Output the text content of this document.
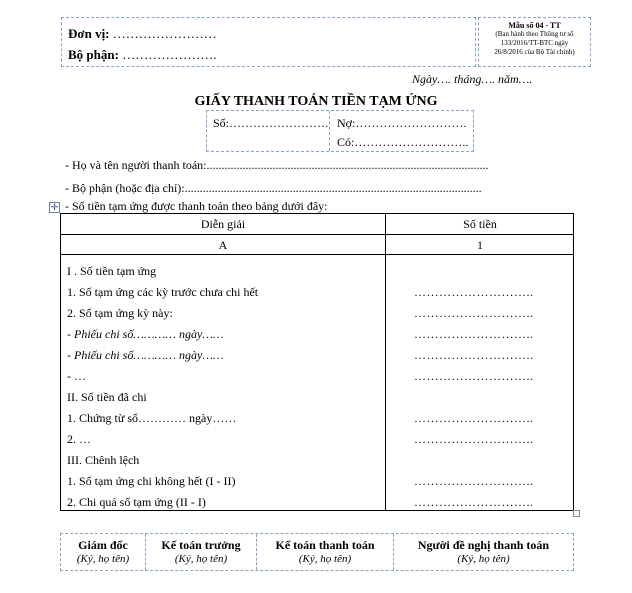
Đơn vị: ……………………
Bộ phận: ………………….
Mẫu số 04 - TT
(Ban hành theo Thông tư số
133/2016/TT-BTC ngày
26/8/2016 của Bộ Tài chính)
Ngày…. tháng…. năm….
GIẤY THANH TOÁN TIỀN TẠM ỨNG
Số:……………………. Nợ:……………………….
Có:………………………..
- Họ và tên người thanh toán:..............................................................................................
- Bộ phận (hoặc địa chỉ):...................................................................................................
✛ - Số tiền tạm ứng được thanh toán theo bảng dưới đây:
Diễn giải	Số tiền
A	1
I . Số tiền tạm ứng
1. Số tạm ứng các kỳ trước chưa chi hết	………………………..
2. Số tạm ứng kỳ này:	………………………..
- Phiếu chi số………… ngày……	………………………..
- Phiếu chi số………… ngày……	………………………..
- …	………………………..
II. Số tiền đã chi
1. Chứng từ số………… ngày……	………………………..
2. …	………………………..
III. Chênh lệch
1. Số tạm ứng chi không hết (I - II)	………………………..
2. Chi quá số tạm ứng (II - I)	………………………..
Giám đốc
(Ký, họ tên)
Kế toán trưởng
(Ký, họ tên)
Kế toán thanh toán
(Ký, họ tên)
Người đề nghị thanh toán
(Ký, họ tên)
